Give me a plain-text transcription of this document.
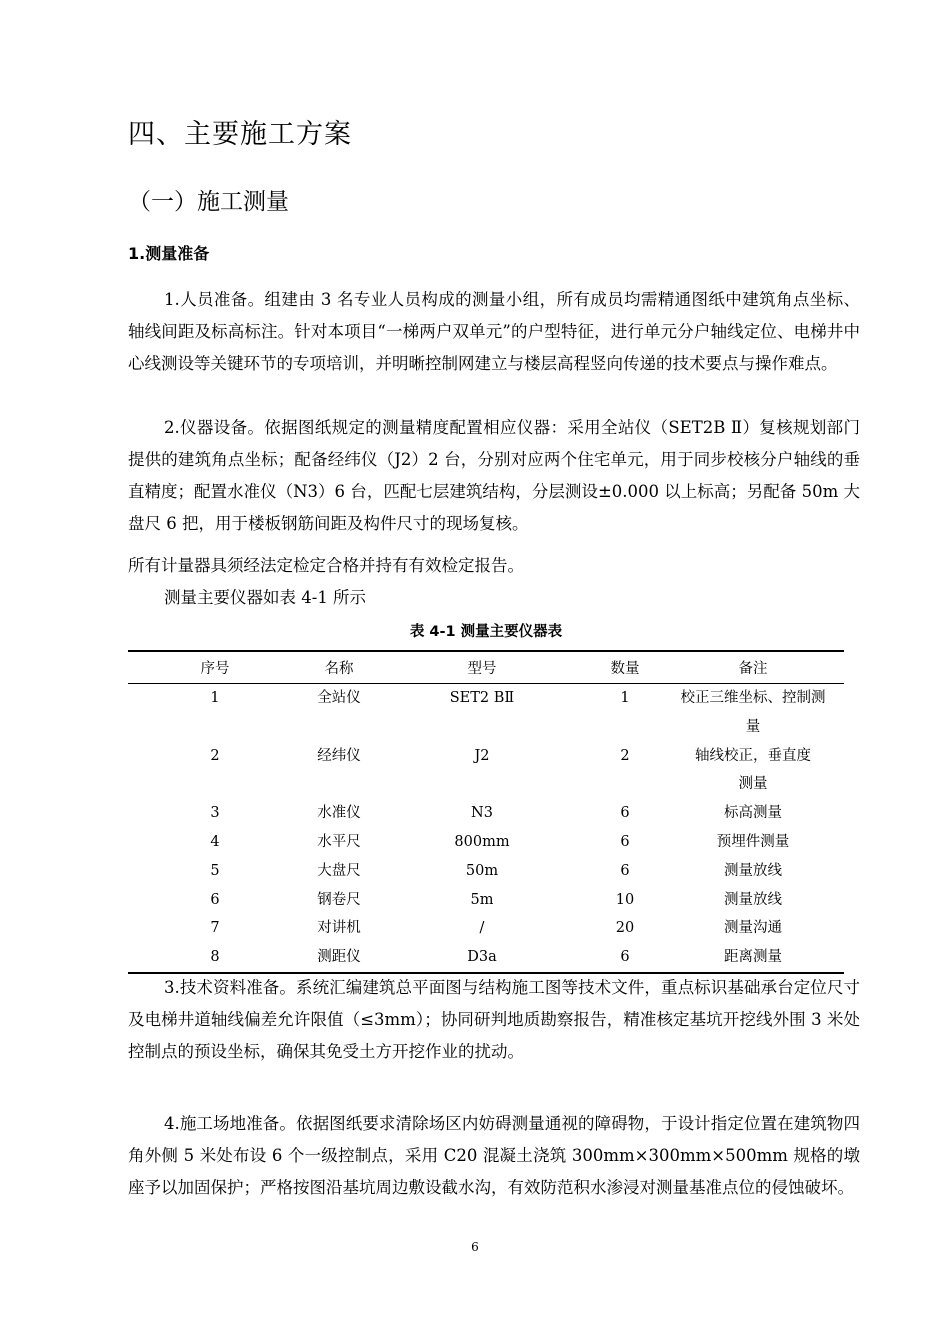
四、主要施工方案
（一）施工测量
1.测量准备

1.人员准备。组建由 3 名专业人员构成的测量小组，所有成员均需精通图纸中建筑角点坐标、轴线间距及标高标注。针对本项目“一梯两户双单元”的户型特征，进行单元分户轴线定位、电梯井中心线测设等关键环节的专项培训，并明晰控制网建立与楼层高程竖向传递的技术要点与操作难点。

2.仪器设备。依据图纸规定的测量精度配置相应仪器：采用全站仪（SET2B Ⅱ）复核规划部门提供的建筑角点坐标；配备经纬仪（J2）2 台，分别对应两个住宅单元，用于同步校核分户轴线的垂直精度；配置水准仪（N3）6 台，匹配七层建筑结构，分层测设±0.000 以上标高；另配备 50m 大盘尺 6 把，用于楼板钢筋间距及构件尺寸的现场复核。

所有计量器具须经法定检定合格并持有有效检定报告。

测量主要仪器如表 4-1 所示

表 4-1 测量主要仪器表
序号	名称	型号	数量	备注
1	全站仪	SET2 BⅡ	1	校正三维坐标、控制测量
2	经纬仪	J2	2	轴线校正，垂直度测量
3	水准仪	N3	6	标高测量
4	水平尺	800mm	6	预埋件测量
5	大盘尺	50m	6	测量放线
6	钢卷尺	5m	10	测量放线
7	对讲机	/	20	测量沟通
8	测距仪	D3a	6	距离测量

3.技术资料准备。系统汇编建筑总平面图与结构施工图等技术文件，重点标识基础承台定位尺寸及电梯井道轴线偏差允许限值（≤3mm）；协同研判地质勘察报告，精准核定基坑开挖线外围 3 米处控制点的预设坐标，确保其免受土方开挖作业的扰动。

4.施工场地准备。依据图纸要求清除场区内妨碍测量通视的障碍物，于设计指定位置在建筑物四角外侧 5 米处布设 6 个一级控制点，采用 C20 混凝土浇筑 300mm×300mm×500mm 规格的墩座予以加固保护；严格按图沿基坑周边敷设截水沟，有效防范积水渗浸对测量基准点位的侵蚀破坏。

6
